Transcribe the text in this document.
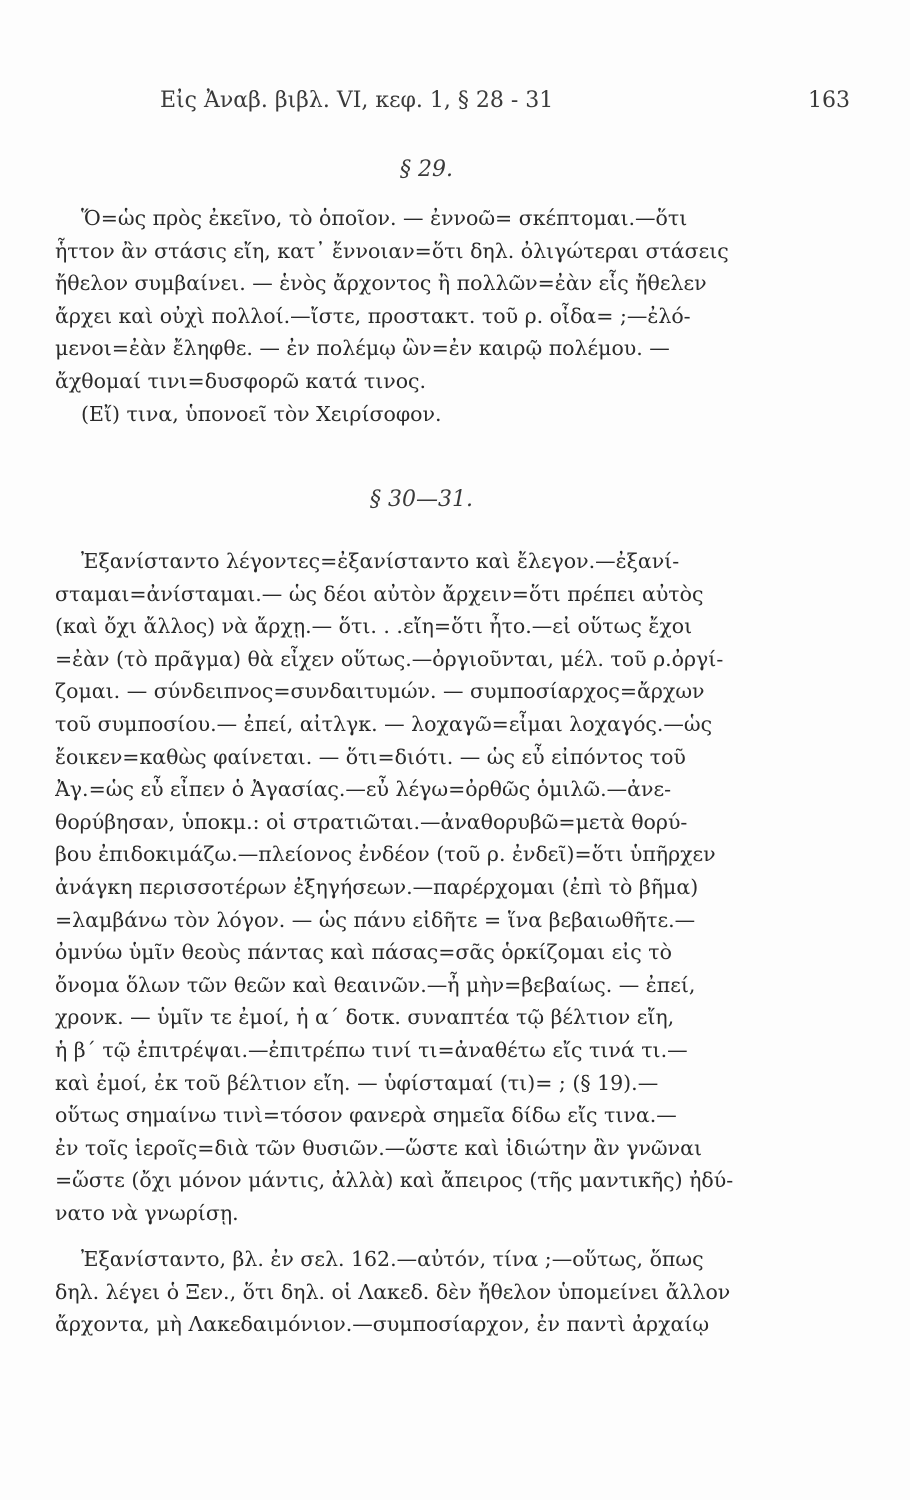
Εἰς Ἀναβ. βιβλ. VI, κεφ. 1, § 28 - 31	163
§ 29.
Ὅ=ὡς πρὸς ἐκεῖνο, τὸ ὁποῖον. — ἐννοῶ= σκέπτομαι.—ὅτι
ἧττον ἂν στάσις εἴη, κατ᾽ ἔννοιαν=ὅτι δηλ. ὀλιγώτεραι στάσεις
ἤθελον συμβαίνει. — ἑνὸς ἄρχοντος ἢ πολλῶν=ἐὰν εἷς ἤθελεν
ἄρχει καὶ οὐχὶ πολλοί.—ἴστε, προστακτ. τοῦ ρ. οἶδα= ;—ἐλό-
μενοι=ἐὰν ἔληφθε. — ἐν πολέμῳ ὢν=ἐν καιρῷ πολέμου. —
ἄχθομαί τινι=δυσφορῶ κατά τινος.
(Εἴ) τινα, ὑπονοεῖ τὸν Χειρίσοφον.
§ 30—31.
Ἐξανίσταντο λέγοντες=ἐξανίσταντο καὶ ἔλεγον.—ἐξανί-
σταμαι=ἀνίσταμαι.— ὡς δέοι αὐτὸν ἄρχειν=ὅτι πρέπει αὐτὸς
(καὶ ὄχι ἄλλος) νὰ ἄρχῃ.— ὅτι. . .εἴη=ὅτι ἦτο.—εἰ οὕτως ἔχοι
=ἐὰν (τὸ πρᾶγμα) θὰ εἶχεν οὕτως.—ὀργιοῦνται, μέλ. τοῦ ρ.ὀργί-
ζομαι. — σύνδειπνος=συνδαιτυμών. — συμποσίαρχος=ἄρχων
τοῦ συμποσίου.— ἐπεί, αἰτλγκ. — λοχαγῶ=εἶμαι λοχαγός.—ὡς
ἔοικεν=καθὼς φαίνεται. — ὅτι=διότι. — ὡς εὖ εἰπόντος τοῦ
Ἀγ.=ὡς εὖ εἶπεν ὁ Ἀγασίας.—εὖ λέγω=ὀρθῶς ὁμιλῶ.—ἀνε-
θορύβησαν, ὑποκμ.: οἱ στρατιῶται.—ἀναθορυβῶ=μετὰ θορύ-
βου ἐπιδοκιμάζω.—πλείονος ἐνδέον (τοῦ ρ. ἐνδεῖ)=ὅτι ὑπῆρχεν
ἀνάγκη περισσοτέρων ἐξηγήσεων.—παρέρχομαι (ἐπὶ τὸ βῆμα)
=λαμβάνω τὸν λόγον. — ὡς πάνυ εἰδῆτε = ἵνα βεβαιωθῆτε.—
ὀμνύω ὑμῖν θεοὺς πάντας καὶ πάσας=σᾶς ὁρκίζομαι εἰς τὸ
ὄνομα ὅλων τῶν θεῶν καὶ θεαινῶν.—ἦ μὴν=βεβαίως. — ἐπεί,
χρονκ. — ὑμῖν τε ἐμοί, ἡ α΄ δοτκ. συναπτέα τῷ βέλτιον εἴη,
ἡ β΄ τῷ ἐπιτρέψαι.—ἐπιτρέπω τινί τι=ἀναθέτω εἴς τινά τι.—
καὶ ἐμοί, ἐκ τοῦ βέλτιον εἴη. — ὑφίσταμαί (τι)= ; (§ 19).—
οὕτως σημαίνω τινὶ=τόσον φανερὰ σημεῖα δίδω εἴς τινα.—
ἐν τοῖς ἱεροῖς=διὰ τῶν θυσιῶν.—ὥστε καὶ ἰδιώτην ἂν γνῶναι
=ὥστε (ὄχι μόνον μάντις, ἀλλὰ) καὶ ἄπειρος (τῆς μαντικῆς) ἠδύ-
νατο νὰ γνωρίσῃ.
Ἐξανίσταντο, βλ. ἐν σελ. 162.—αὐτόν, τίνα ;—οὕτως, ὅπως
δηλ. λέγει ὁ Ξεν., ὅτι δηλ. οἱ Λακεδ. δὲν ἤθελον ὑπομείνει ἄλλον
ἄρχοντα, μὴ Λακεδαιμόνιον.—συμποσίαρχον, ἐν παντὶ ἀρχαίῳ
